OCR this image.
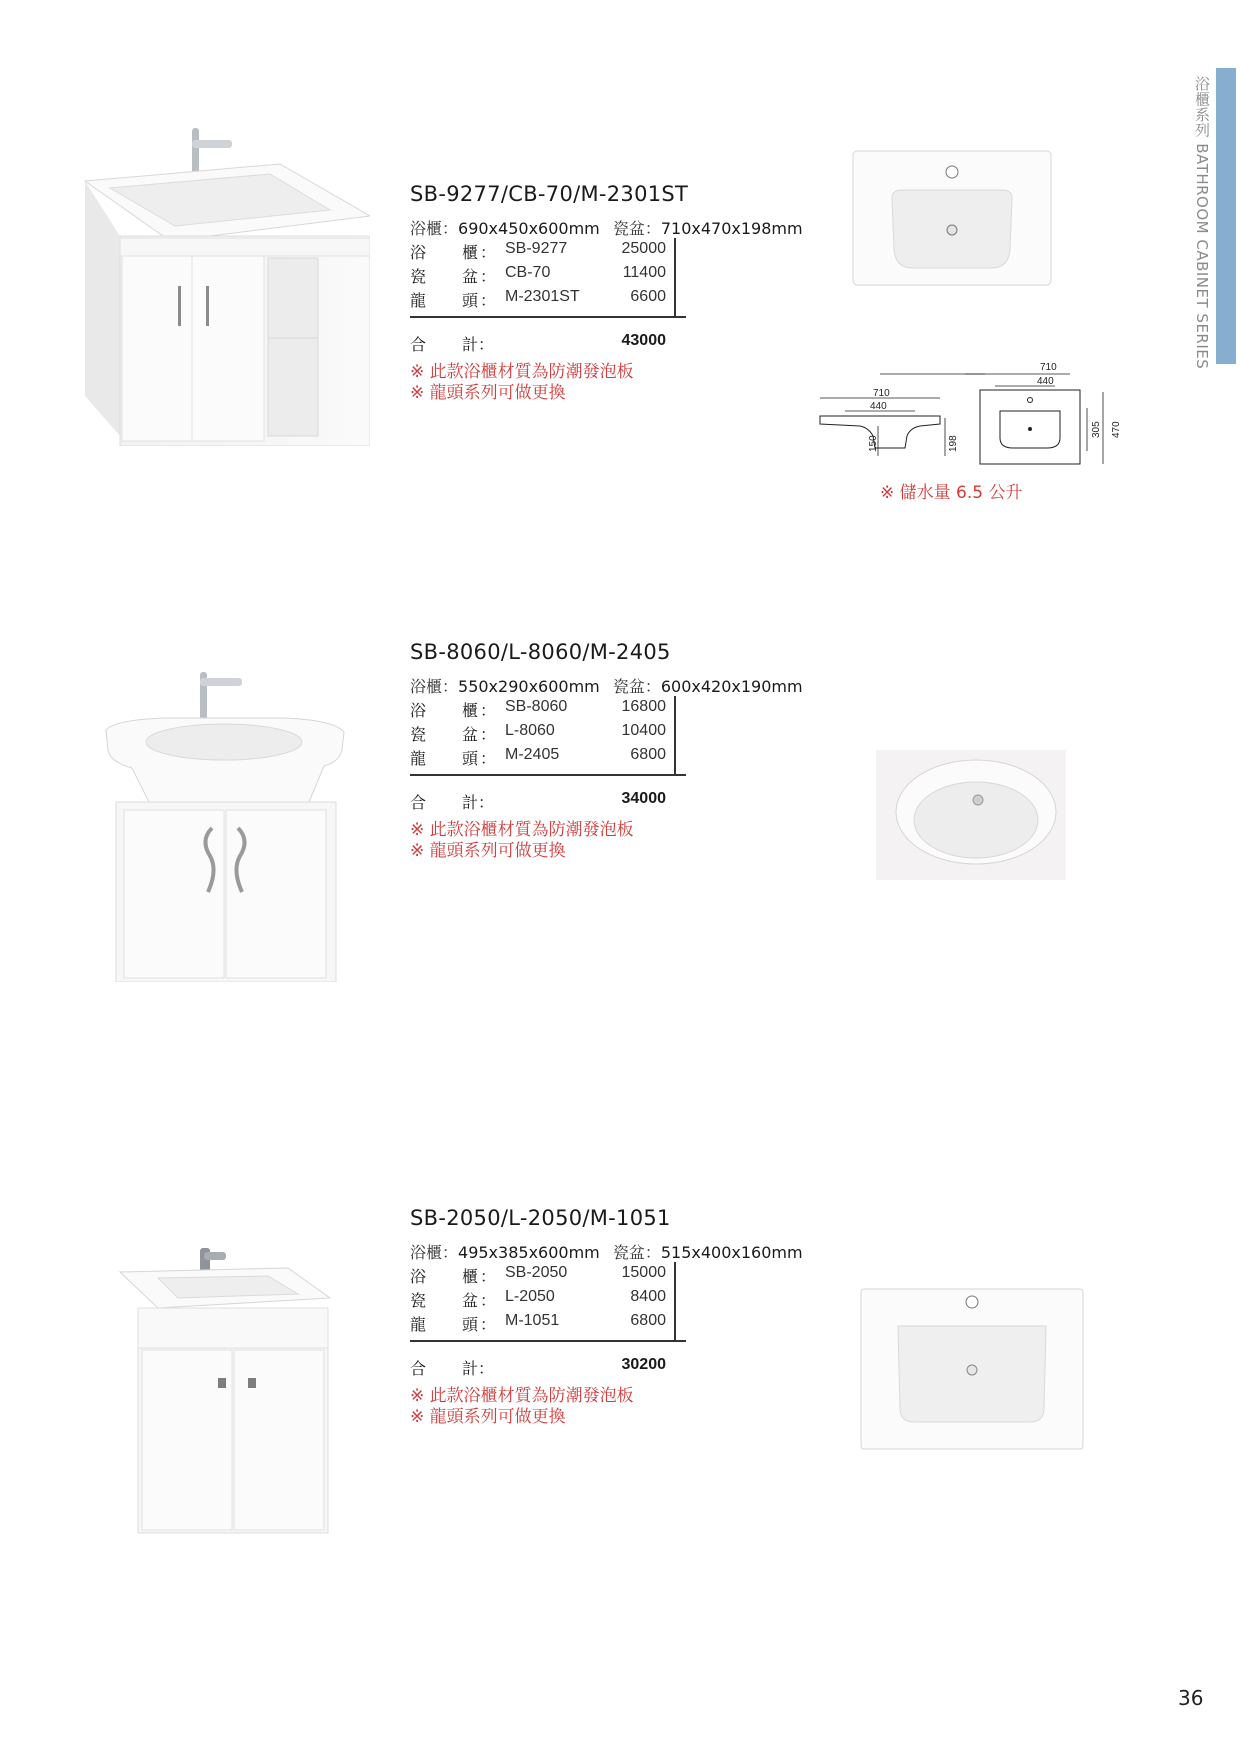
浴櫃系列 BATHROOM CABINET SERIES
SB-9277/CB-70/M-2301ST
浴櫃：690x450x600mm 瓷盆：710x470x198mm
浴 櫃： SB-9277	25000
瓷 盆： CB-70	11400
龍 頭： M-2301ST	6600
合 計：	43000
※ 此款浴櫃材質為防潮發泡板
※ 龍頭系列可做更換	710
440
150	198
710
440
305 470
※ 儲水量 6.5 公升
SB-8060/L-8060/M-2405
浴櫃：550x290x600mm 瓷盆：600x420x190mm
浴 櫃： SB-8060	16800
瓷 盆： L-8060	10400
龍 頭： M-2405	6800
合 計：	34000
※ 此款浴櫃材質為防潮發泡板
※ 龍頭系列可做更換
SB-2050/L-2050/M-1051
浴櫃：495x385x600mm 瓷盆：515x400x160mm
浴 櫃： SB-2050	15000
瓷 盆： L-2050	8400
龍 頭： M-1051	6800
合 計：	30200
※ 此款浴櫃材質為防潮發泡板
※ 龍頭系列可做更換
36
